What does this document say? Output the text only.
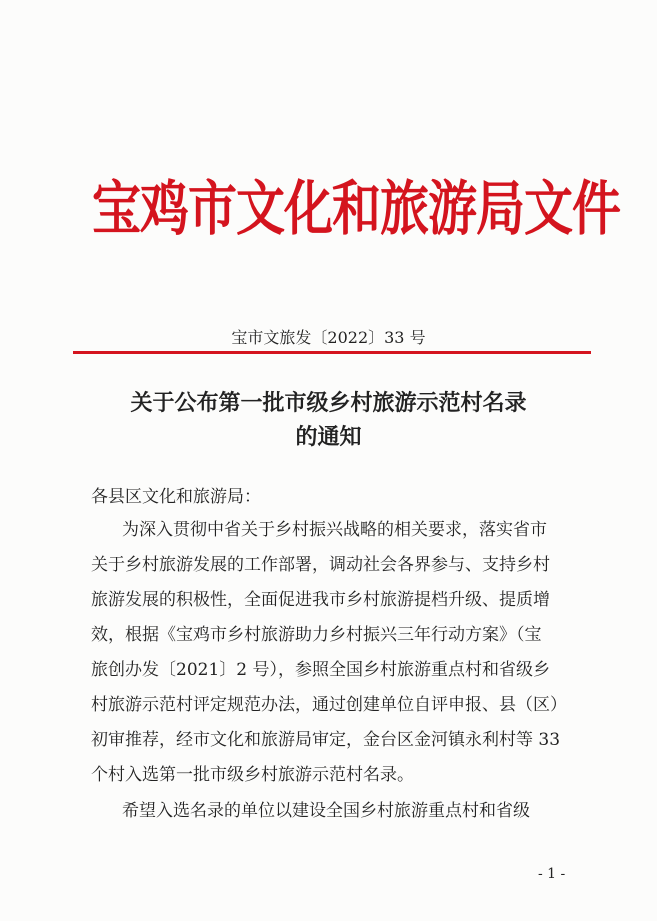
宝鸡市文化和旅游局文件
宝市文旅发〔2022〕33 号
关于公布第一批市级乡村旅游示范村名录
的通知
各县区文化和旅游局：
为深入贯彻中省关于乡村振兴战略的相关要求，落实省市
关于乡村旅游发展的工作部署，调动社会各界参与、支持乡村
旅游发展的积极性，全面促进我市乡村旅游提档升级、提质增
效，根据《宝鸡市乡村旅游助力乡村振兴三年行动方案》（宝
旅创办发〔2021〕2 号），参照全国乡村旅游重点村和省级乡
村旅游示范村评定规范办法，通过创建单位自评申报、县（区）
初审推荐，经市文化和旅游局审定，金台区金河镇永利村等 33
个村入选第一批市级乡村旅游示范村名录。
希望入选名录的单位以建设全国乡村旅游重点村和省级
- 1 -
